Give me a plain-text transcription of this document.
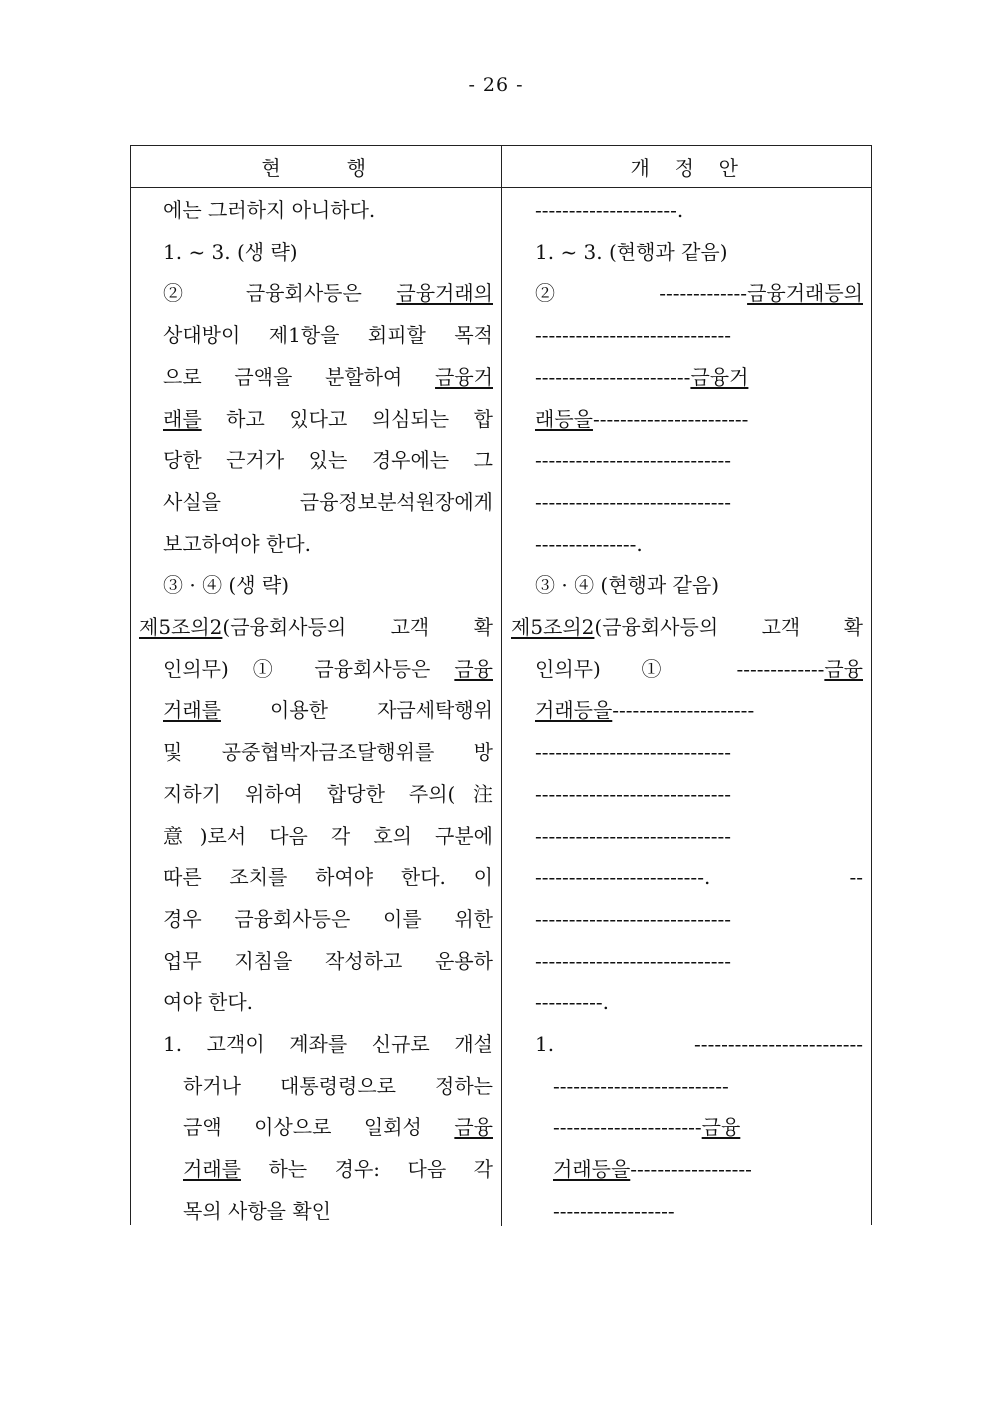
- 26 -
현      행	개  정  안
에는 그러하지 아니하다.
1. ~ 3. (생 략)
② 금융회사등은 금융거래의
상대방이 제1항을 회피할 목적
으로 금액을 분할하여 금융거
래를 하고 있다고 의심되는 합
당한 근거가 있는 경우에는 그
사실을 금융정보분석원장에게
보고하여야 한다.
③ · ④ (생 략)
제5조의2(금융회사등의 고객 확
인의무) ① 금융회사등은 금융
거래를 이용한 자금세탁행위
및 공중협박자금조달행위를 방
지하기 위하여 합당한 주의(注
意)로서 다음 각 호의 구분에
따른 조치를 하여야 한다. 이
경우 금융회사등은 이를 위한
업무 지침을 작성하고 운용하
여야 한다.
1. 고객이 계좌를 신규로 개설
하거나 대통령령으로 정하는
금액 이상으로 일회성 금융
거래를 하는 경우: 다음 각
목의 사항을 확인
---------------------.
1. ~ 3. (현행과 같음)
② -------------금융거래등의
-----------------------------
-----------------------금융거
래등을-----------------------
-----------------------------
-----------------------------
---------------.
③ · ④ (현행과 같음)
제5조의2(금융회사등의 고객 확
인의무) ① -------------금융
거래등을---------------------
-----------------------------
-----------------------------
-----------------------------
-------------------------. --
-----------------------------
-----------------------------
----------.
1. -------------------------
--------------------------
----------------------금융
거래등을------------------
------------------
